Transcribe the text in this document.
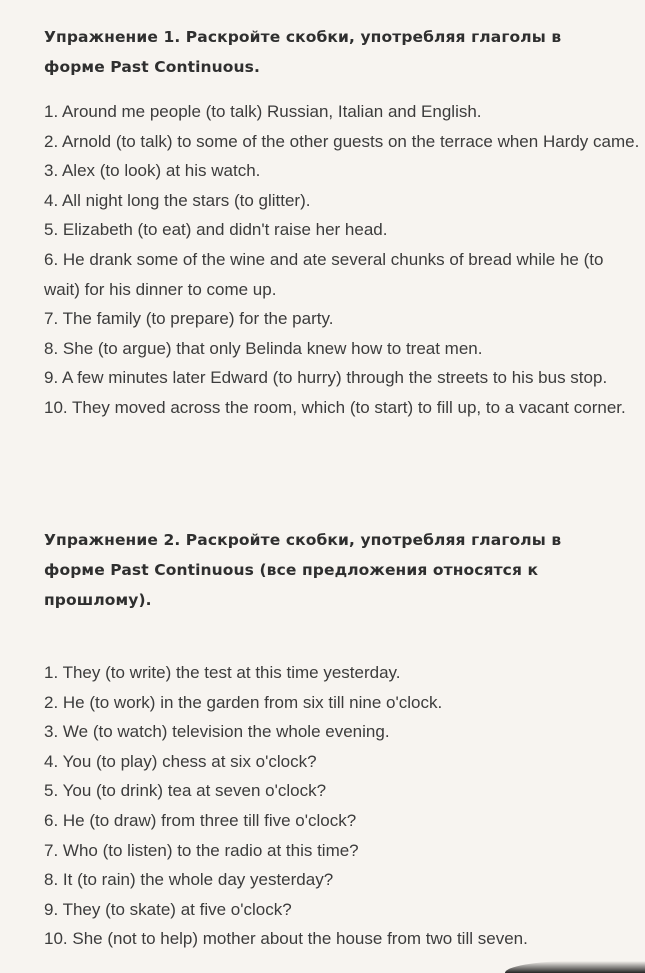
Упражнение 1. Раскройте скобки, употребляя глаголы в
форме Past Continuous.
1. Around me people (to talk) Russian, Italian and English.
2. Arnold (to talk) to some of the other guests on the terrace when Hardy came.
3. Alex (to look) at his watch.
4. All night long the stars (to glitter).
5. Elizabeth (to eat) and didn't raise her head.
6. He drank some of the wine and ate several chunks of bread while he (to wait) for his dinner to come up.
7. The family (to prepare) for the party.
8. She (to argue) that only Belinda knew how to treat men.
9. A few minutes later Edward (to hurry) through the streets to his bus stop.
10. They moved across the room, which (to start) to fill up, to a vacant corner.
Упражнение 2. Раскройте скобки, употребляя глаголы в
форме Past Continuous (все предложения относятся к
прошлому).
1. They (to write) the test at this time yesterday.
2. He (to work) in the garden from six till nine o'clock.
3. We (to watch) television the whole evening.
4. You (to play) chess at six o'clock?
5. You (to drink) tea at seven o'clock?
6. He (to draw) from three till five o'clock?
7. Who (to listen) to the radio at this time?
8. It (to rain) the whole day yesterday?
9. They (to skate) at five o'clock?
10. She (not to help) mother about the house from two till seven.
